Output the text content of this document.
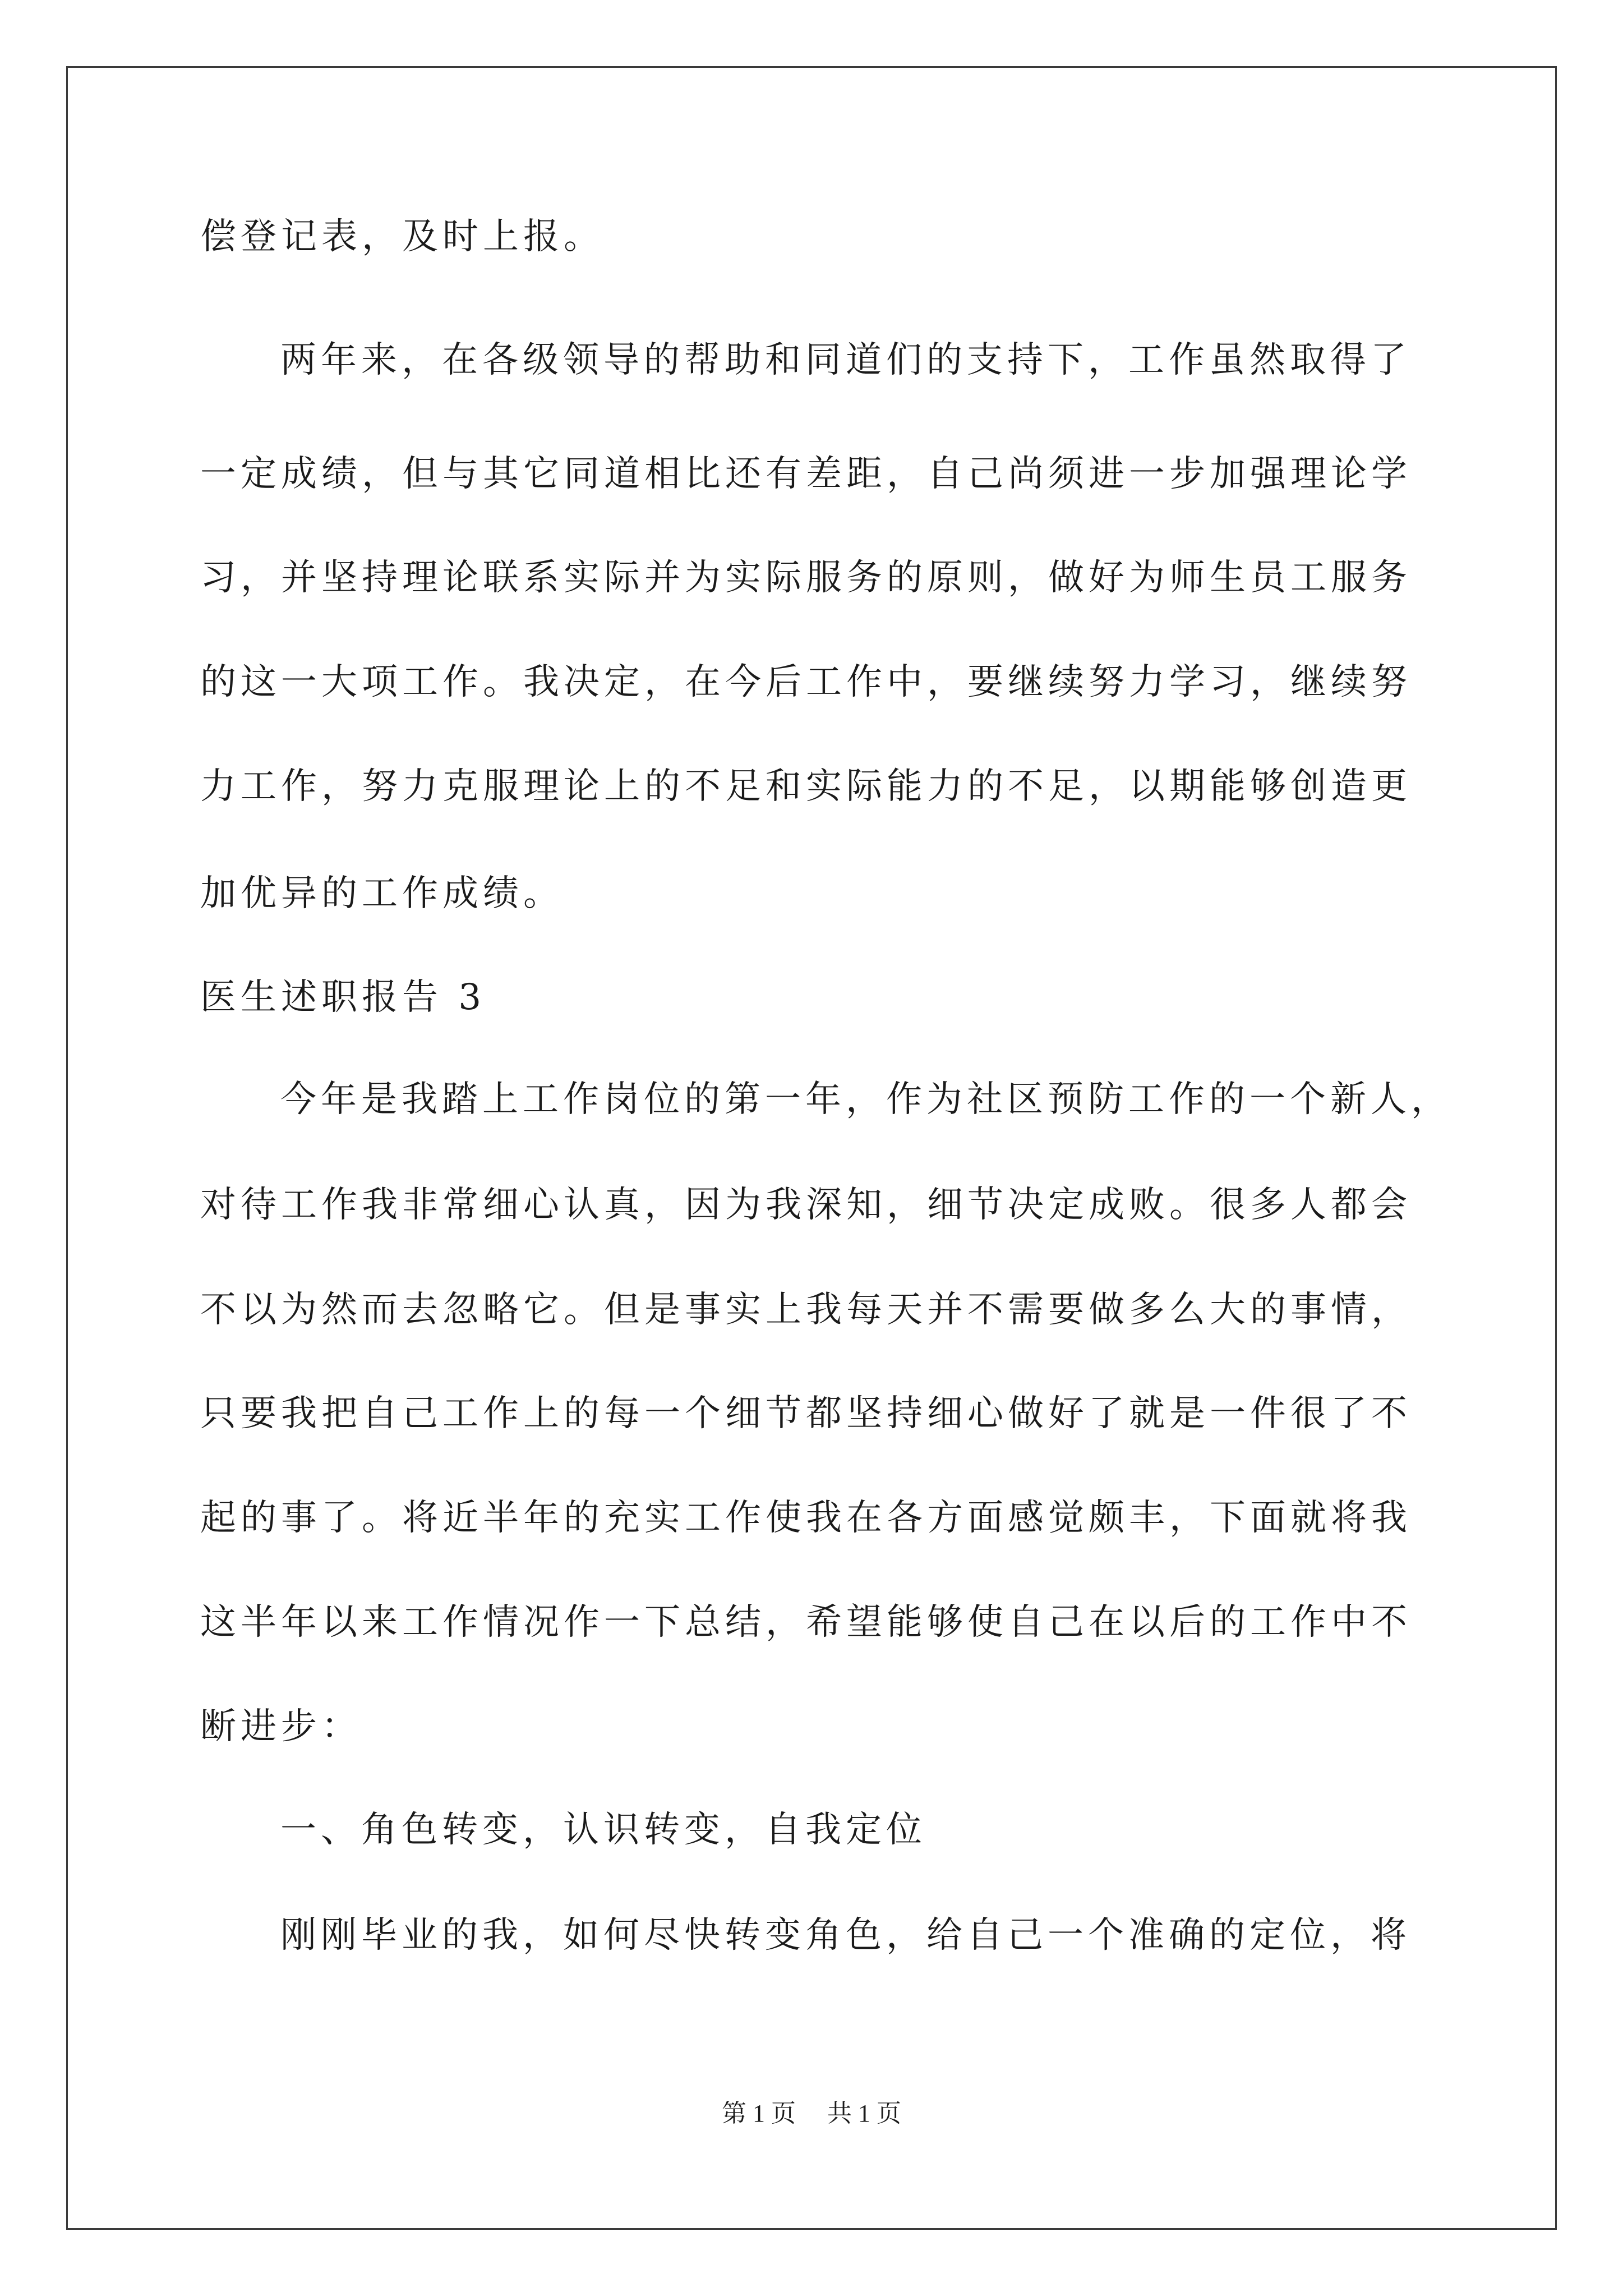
偿登记表，及时上报。
两年来，在各级领导的帮助和同道们的支持下，工作虽然取得了
一定成绩，但与其它同道相比还有差距，自己尚须进一步加强理论学
习，并坚持理论联系实际并为实际服务的原则，做好为师生员工服务
的这一大项工作。我决定，在今后工作中，要继续努力学习，继续努
力工作，努力克服理论上的不足和实际能力的不足，以期能够创造更
加优异的工作成绩。
医生述职报告 3
今年是我踏上工作岗位的第一年，作为社区预防工作的一个新人，
对待工作我非常细心认真，因为我深知，细节决定成败。很多人都会
不以为然而去忽略它。但是事实上我每天并不需要做多么大的事情，
只要我把自己工作上的每一个细节都坚持细心做好了就是一件很了不
起的事了。将近半年的充实工作使我在各方面感觉颇丰，下面就将我
这半年以来工作情况作一下总结，希望能够使自己在以后的工作中不
断进步：
一、角色转变，认识转变，自我定位
刚刚毕业的我，如何尽快转变角色，给自己一个准确的定位，将
第 1 页 共 1 页
